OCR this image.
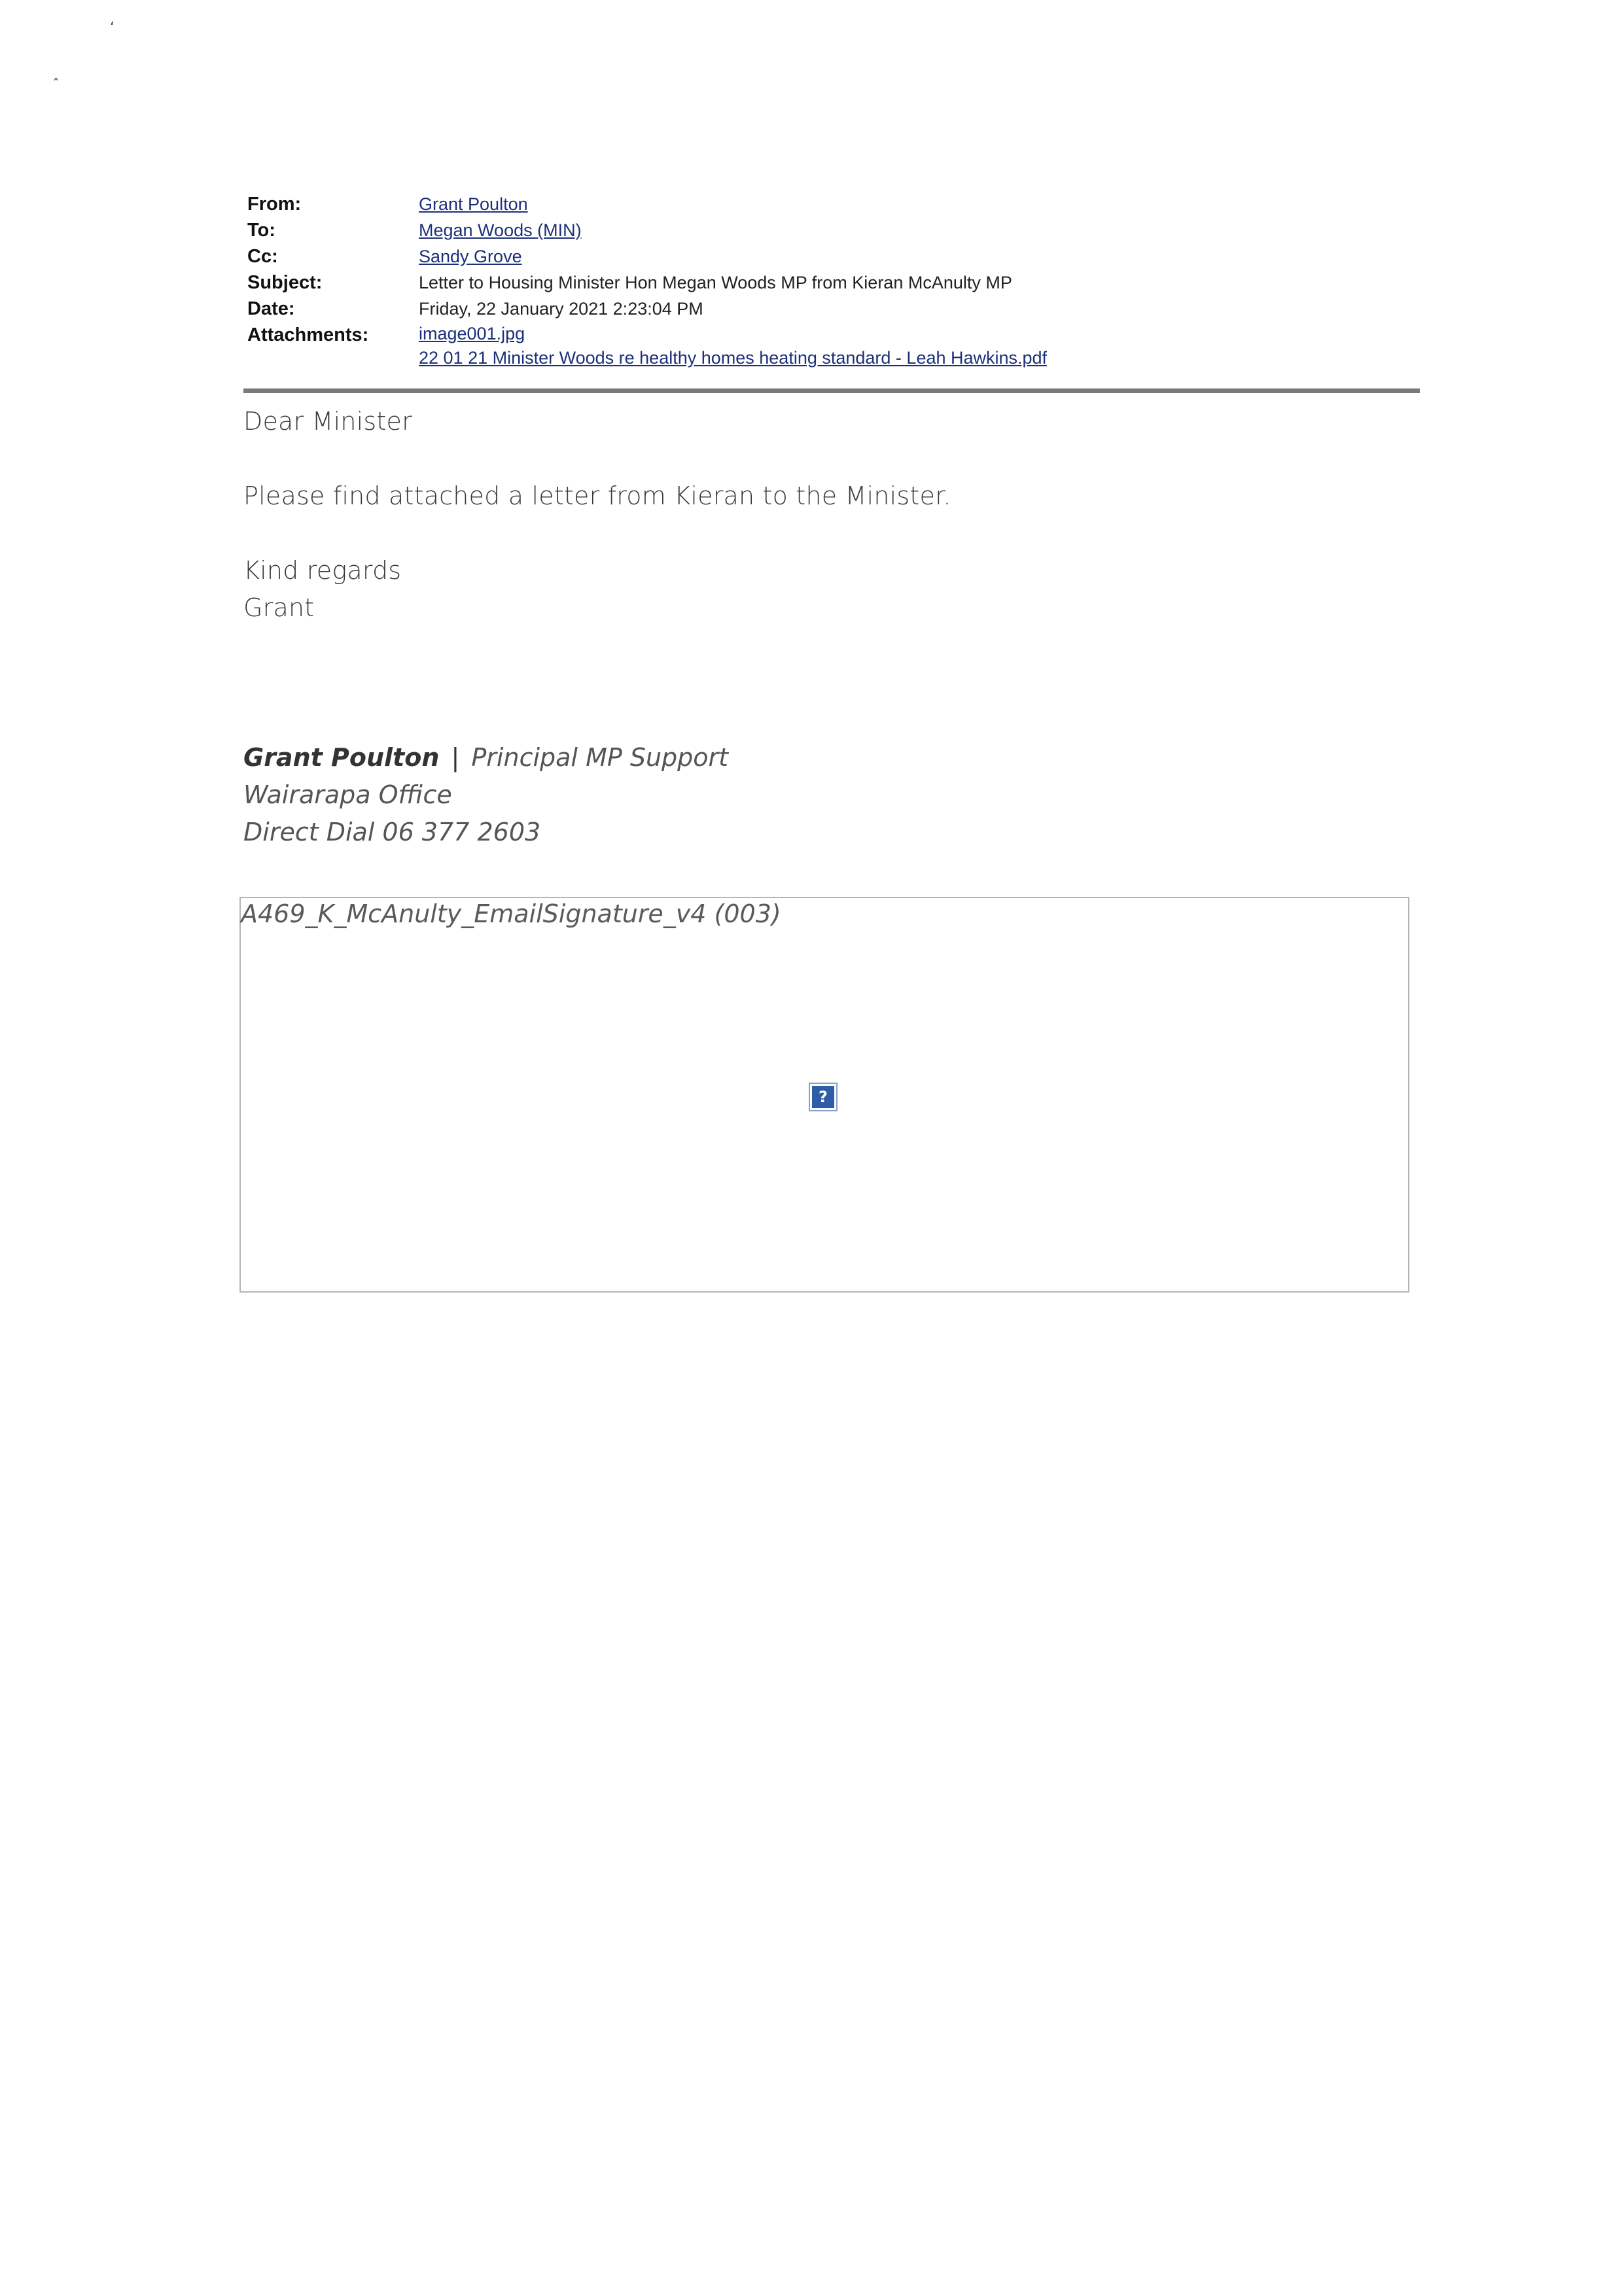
ʻ
ˆ
From:	Grant Poulton
To:	Megan Woods (MIN)
Cc:	Sandy Grove
Subject:	Letter to Housing Minister Hon Megan Woods MP from Kieran McAnulty MP
Date:	Friday, 22 January 2021 2:23:04 PM
Attachments:	image001.jpg
22 01 21 Minister Woods re healthy homes heating standard - Leah Hawkins.pdf
Dear Minister
Please find attached a letter from Kieran to the Minister.
Kind regards
Grant
Grant Poulton | Principal MP Support
Wairarapa Office
Direct Dial 06 377 2603
A469_K_McAnulty_EmailSignature_v4 (003)
?
